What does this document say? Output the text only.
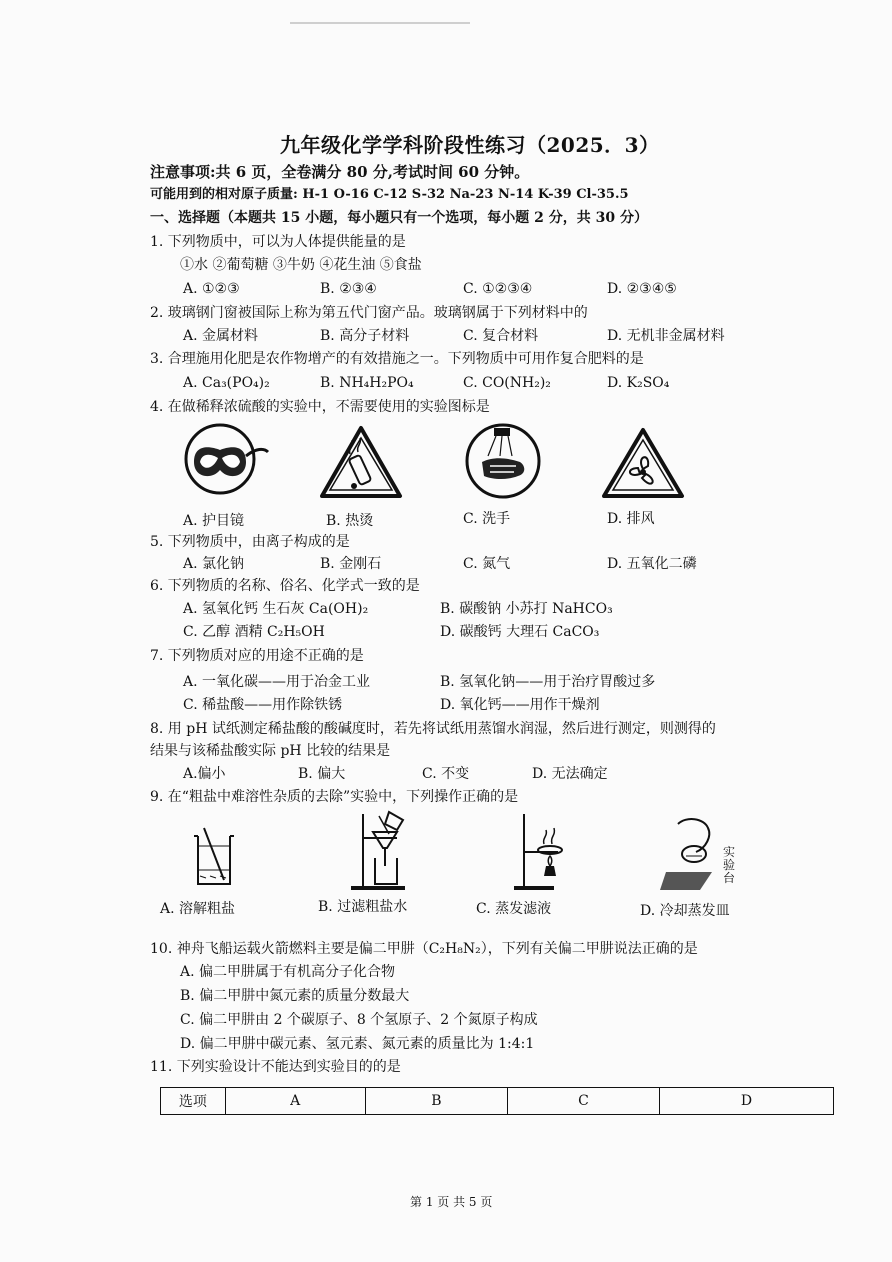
九年级化学学科阶段性练习（2025．3）
注意事项:共 6 页，全卷满分 80 分,考试时间 60 分钟。
可能用到的相对原子质量: H-1 O-16 C-12 S-32 Na-23 N-14 K-39 Cl-35.5
一、选择题（本题共 15 小题，每小题只有一个选项，每小题 2 分，共 30 分）
1. 下列物质中，可以为人体提供能量的是
①水 ②葡萄糖 ③牛奶 ④花生油 ⑤食盐
A. ①②③	B. ②③④	C. ①②③④	D. ②③④⑤
2. 玻璃钢门窗被国际上称为第五代门窗产品。玻璃钢属于下列材料中的
A. 金属材料	B. 高分子材料	C. 复合材料	D. 无机非金属材料
3. 合理施用化肥是农作物增产的有效措施之一。下列物质中可用作复合肥料的是
A. Ca₃(PO₄)₂	B. NH₄H₂PO₄	C. CO(NH₂)₂	D. K₂SO₄
4. 在做稀释浓硫酸的实验中，不需要使用的实验图标是
A. 护目镜	B. 热烫	C. 洗手	D. 排风
5. 下列物质中，由离子构成的是
A. 氯化钠	B. 金刚石	C. 氮气	D. 五氧化二磷
6. 下列物质的名称、俗名、化学式一致的是
A. 氢氧化钙 生石灰 Ca(OH)₂	B. 碳酸钠 小苏打 NaHCO₃
C. 乙醇 酒精 C₂H₅OH	D. 碳酸钙 大理石 CaCO₃
7. 下列物质对应的用途不正确的是
A. 一氧化碳——用于冶金工业	B. 氢氧化钠——用于治疗胃酸过多
C. 稀盐酸——用作除铁锈	D. 氧化钙——用作干燥剂
8. 用 pH 试纸测定稀盐酸的酸碱度时，若先将试纸用蒸馏水润湿，然后进行测定，则测得的
结果与该稀盐酸实际 pH 比较的结果是
A.偏小	B. 偏大	C. 不变	D. 无法确定
9. 在“粗盐中难溶性杂质的去除”实验中，下列操作正确的是
实验台
A. 溶解粗盐	B. 过滤粗盐水	C. 蒸发滤液	D. 冷却蒸发皿
10. 神舟飞船运载火箭燃料主要是偏二甲肼（C₂H₈N₂），下列有关偏二甲肼说法正确的是
A. 偏二甲肼属于有机高分子化合物
B. 偏二甲肼中氮元素的质量分数最大
C. 偏二甲肼由 2 个碳原子、8 个氢原子、2 个氮原子构成
D. 偏二甲肼中碳元素、氢元素、氮元素的质量比为 1:4:1
11. 下列实验设计不能达到实验目的的是
选项	A	B	C	D
第 1 页 共 5 页
